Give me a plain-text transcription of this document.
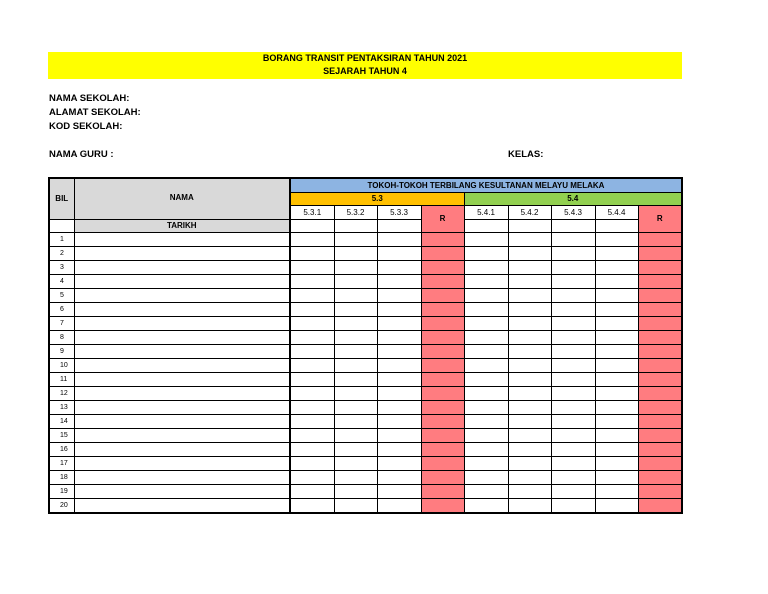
BORANG TRANSIT PENTAKSIRAN TAHUN 2021
SEJARAH TAHUN 4
NAMA SEKOLAH:
ALAMAT SEKOLAH:
KOD SEKOLAH:
NAMA GURU :	KELAS:
BIL	NAMA	TOKOH-TOKOH TERBILANG KESULTANAN MELAYU MELAKA								
		5.3				5.4				
		5.3.1	5.3.2	5.3.3	R	5.4.1	5.4.2	5.4.3	5.4.4	R
	TARIKH									
1										
2										
3										
4										
5										
6										
7										
8										
9										
10										
11										
12										
13										
14										
15										
16										
17										
18										
19										
20										
